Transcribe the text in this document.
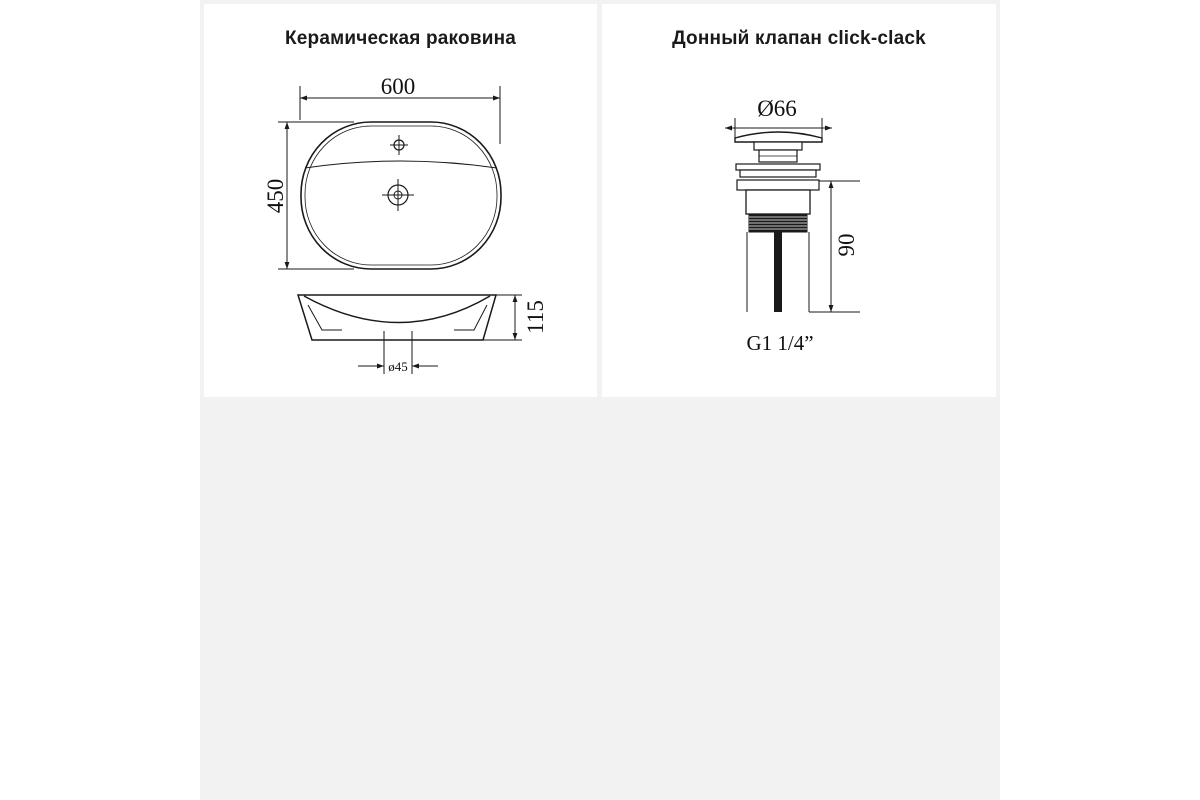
Керамическая раковина
600
450
115
ø45
Донный клапан click-clack
Ø66
90
G1 1/4”
